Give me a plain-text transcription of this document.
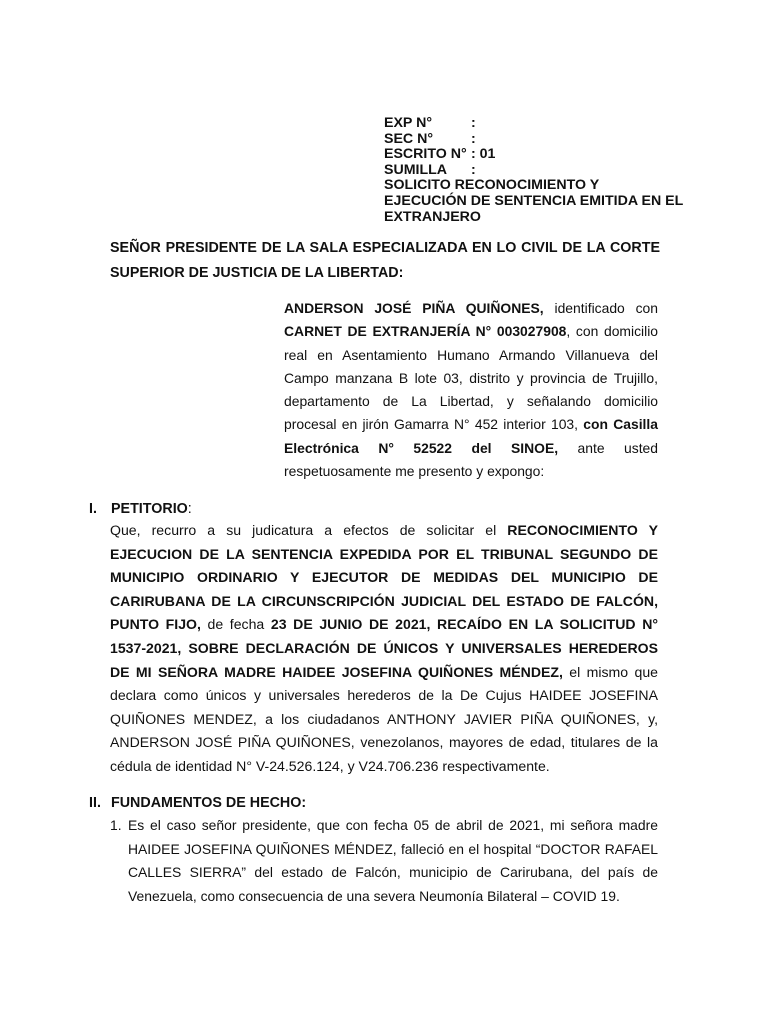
EXP N°	:
SEC N°	:
ESCRITO N° : 01
SUMILLA	:
SOLICITO RECONOCIMIENTO Y EJECUCIÓN DE SENTENCIA EMITIDA EN EL EXTRANJERO
SEÑOR PRESIDENTE DE LA SALA ESPECIALIZADA EN LO CIVIL DE LA CORTE SUPERIOR DE JUSTICIA DE LA LIBERTAD:
ANDERSON JOSÉ PIÑA QUIÑONES, identificado con CARNET DE EXTRANJERÍA N° 003027908, con domicilio real en Asentamiento Humano Armando Villanueva del Campo manzana B lote 03, distrito y provincia de Trujillo, departamento de La Libertad, y señalando domicilio procesal en jirón Gamarra N° 452 interior 103, con Casilla Electrónica N° 52522 del SINOE, ante usted respetuosamente me presento y expongo:
I. PETITORIO:
Que, recurro a su judicatura a efectos de solicitar el RECONOCIMIENTO Y EJECUCION DE LA SENTENCIA EXPEDIDA POR EL TRIBUNAL SEGUNDO DE MUNICIPIO ORDINARIO Y EJECUTOR DE MEDIDAS DEL MUNICIPIO DE CARIRUBANA DE LA CIRCUNSCRIPCIÓN JUDICIAL DEL ESTADO DE FALCÓN, PUNTO FIJO, de fecha 23 DE JUNIO DE 2021, RECAÍDO EN LA SOLICITUD N° 1537-2021, SOBRE DECLARACIÓN DE ÚNICOS Y UNIVERSALES HEREDEROS DE MI SEÑORA MADRE HAIDEE JOSEFINA QUIÑONES MÉNDEZ, el mismo que declara como únicos y universales herederos de la De Cujus HAIDEE JOSEFINA QUIÑONES MENDEZ, a los ciudadanos ANTHONY JAVIER PIÑA QUIÑONES, y, ANDERSON JOSÉ PIÑA QUIÑONES, venezolanos, mayores de edad, titulares de la cédula de identidad N° V-24.526.124, y V24.706.236 respectivamente.
II. FUNDAMENTOS DE HECHO:
1. Es el caso señor presidente, que con fecha 05 de abril de 2021, mi señora madre HAIDEE JOSEFINA QUIÑONES MÉNDEZ, falleció en el hospital “DOCTOR RAFAEL CALLES SIERRA” del estado de Falcón, municipio de Carirubana, del país de Venezuela, como consecuencia de una severa Neumonía Bilateral – COVID 19.
